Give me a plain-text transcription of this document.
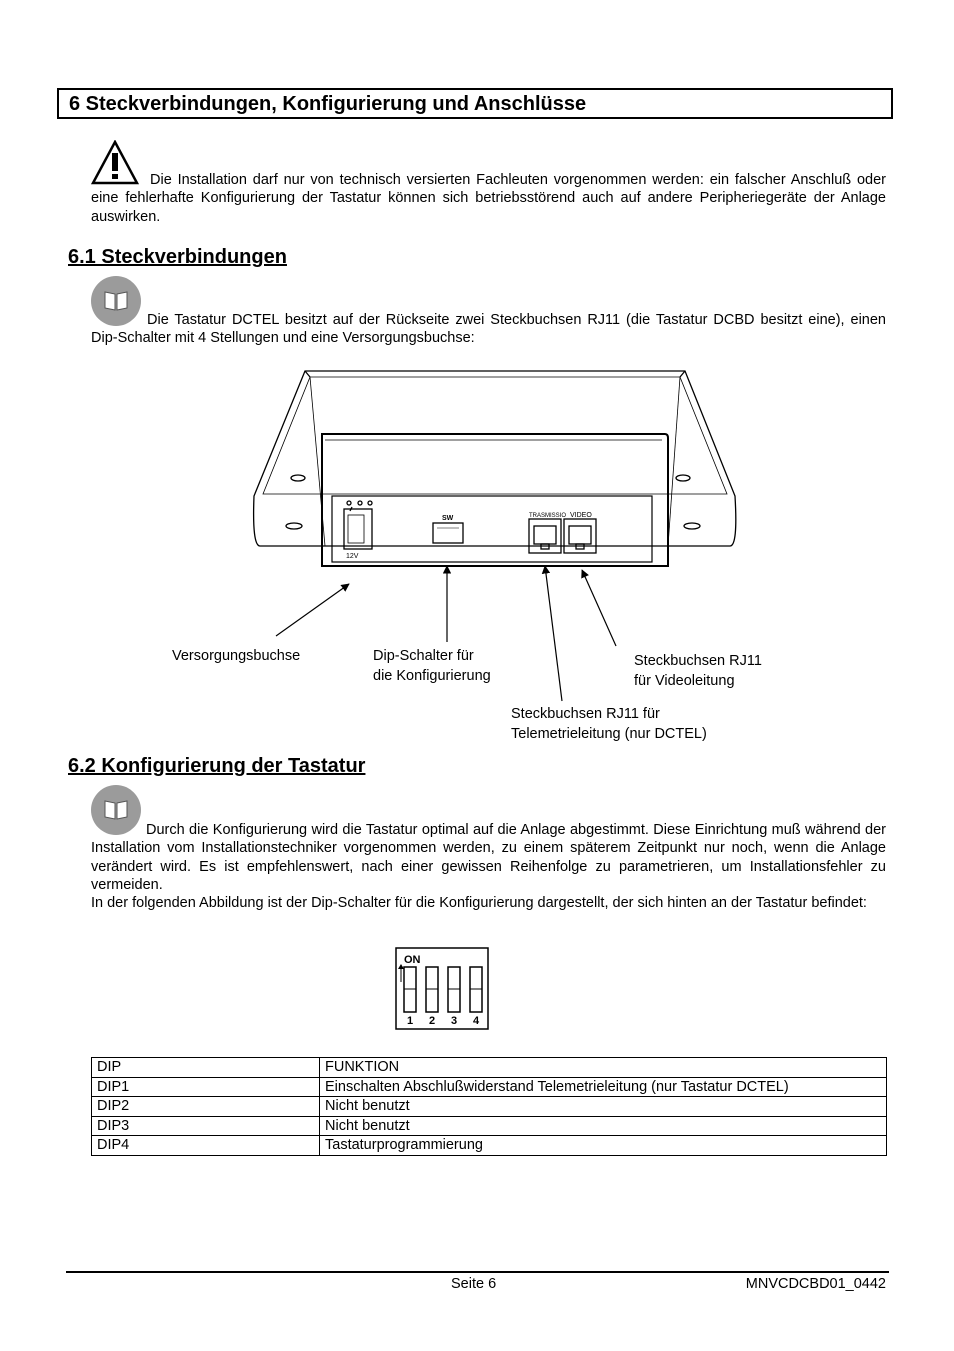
6 Steckverbindungen, Konfigurierung und Anschlüsse
Die Installation darf nur von technisch versierten Fachleuten vorgenommen werden: ein falscher Anschluß oder eine fehlerhafte Konfigurierung der Tastatur können sich betriebsstörend auch auf andere Peripheriegeräte der Anlage auswirken.
6.1 Steckverbindungen
Die Tastatur DCTEL besitzt auf der Rückseite zwei Steckbuchsen RJ11 (die Tastatur DCBD besitzt eine), einen Dip-Schalter mit 4 Stellungen und eine Versorgungsbuchse:
12V
SW	TRASMISSIO VIDEO
Versorgungsbuchse	Dip-Schalter für
die Konfigurierung
Steckbuchsen RJ11
für Videoleitung
Steckbuchsen RJ11 für
Telemetrieleitung (nur DCTEL)
6.2 Konfigurierung der Tastatur
Durch die Konfigurierung wird die Tastatur optimal auf die Anlage abgestimmt. Diese Einrichtung muß während der Installation vom Installationstechniker vorgenommen werden, zu einem späterem Zeitpunkt nur noch, wenn die Anlage verändert wird. Es ist empfehlenswert, nach einer gewissen Reihenfolge zu parametrieren, um Installationsfehler zu vermeiden.
In der folgenden Abbildung ist der Dip-Schalter für die Konfigurierung dargestellt, der sich hinten an der Tastatur befindet:
ON
1 2 3 4
DIP	FUNKTION
DIP1	Einschalten Abschlußwiderstand Telemetrieleitung (nur Tastatur DCTEL)
DIP2	Nicht benutzt
DIP3	Nicht benutzt
DIP4	Tastaturprogrammierung
Seite 6	MNVCDCBD01_0442
